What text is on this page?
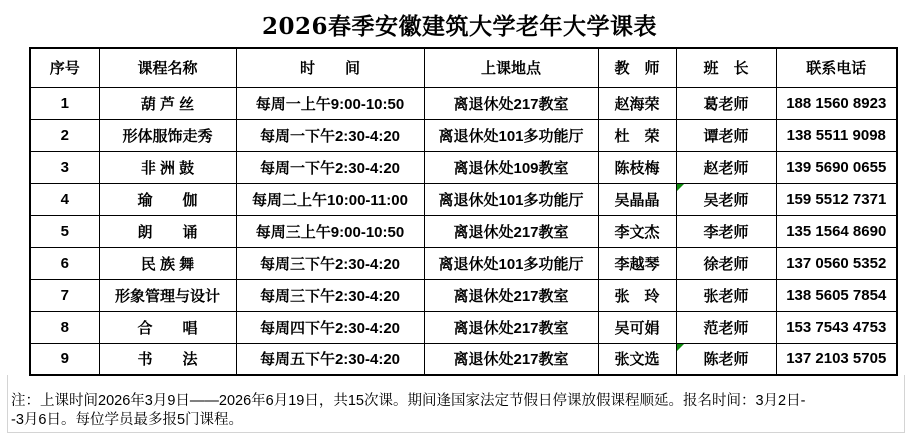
2026春季安徽建筑大学老年大学课表
序号	课程名称	时　　间	上课地点	教　师	班　长	联系电话
1	葫 芦 丝	每周一上午9:00-10:50	离退休处217教室	赵海荣	葛老师	188 1560 8923
2	形体服饰走秀	每周一下午2:30-4:20	离退休处101多功能厅	杜　荣	谭老师	138 5511 9098
3	非 洲 鼓	每周一下午2:30-4:20	离退休处109教室	陈枝梅	赵老师	139 5690 0655
4	瑜　　伽	每周二上午10:00-11:00	离退休处101多功能厅	吴晶晶	吴老师	159 5512 7371
5	朗　　诵	每周三上午9:00-10:50	离退休处217教室	李文杰	李老师	135 1564 8690
6	民 族 舞	每周三下午2:30-4:20	离退休处101多功能厅	李越琴	徐老师	137 0560 5352
7	形象管理与设计	每周三下午2:30-4:20	离退休处217教室	张　玲	张老师	138 5605 7854
8	合　　唱	每周四下午2:30-4:20	离退休处217教室	吴可娟	范老师	153 7543 4753
9	书　　法	每周五下午2:30-4:20	离退休处217教室	张文选	陈老师	137 2103 5705
注：上课时间2026年3月9日——2026年6月19日，共15次课。期间逢国家法定节假日停课放假课程顺延。报名时间：3月2日-
-3月6日。每位学员最多报5门课程。
